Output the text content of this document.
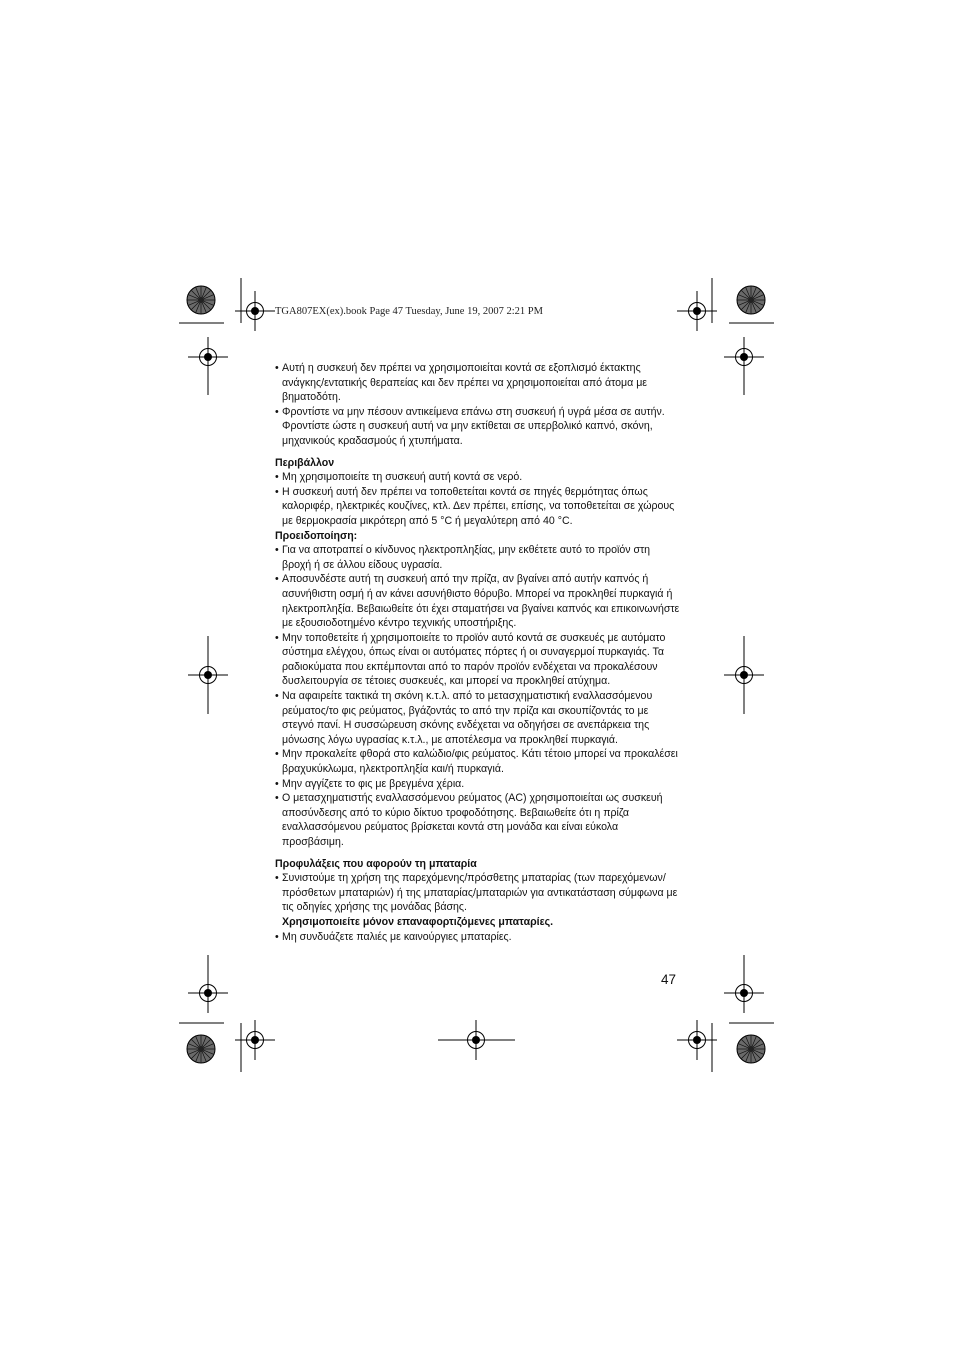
TGA807EX(ex).book Page 47 Tuesday, June 19, 2007 2:21 PM
• Αυτή η συσκευή δεν πρέπει να χρησιμοποιείται κοντά σε εξοπλισμό έκτακτης ανάγκης/εντατικής θεραπείας και δεν πρέπει να χρησιμοποιείται από άτομα με βηματοδότη.
• Φροντίστε να μην πέσουν αντικείμενα επάνω στη συσκευή ή υγρά μέσα σε αυτήν. Φροντίστε ώστε η συσκευή αυτή να μην εκτίθεται σε υπερβολικό καπνό, σκόνη, μηχανικούς κραδασμούς ή χτυπήματα.

Περιβάλλον

• Μη χρησιμοποιείτε τη συσκευή αυτή κοντά σε νερό.
• Η συσκευή αυτή δεν πρέπει να τοποθετείται κοντά σε πηγές θερμότητας όπως καλοριφέρ, ηλεκτρικές κουζίνες, κτλ. Δεν πρέπει, επίσης, να τοποθετείται σε χώρους με θερμοκρασία μικρότερη από 5 °C ή μεγαλύτερη από 40 °C.

Προειδοποίηση:

• Για να αποτραπεί ο κίνδυνος ηλεκτροπληξίας, μην εκθέτετε αυτό το προϊόν στη βροχή ή σε άλλου είδους υγρασία.
• Αποσυνδέστε αυτή τη συσκευή από την πρίζα, αν βγαίνει από αυτήν καπνός ή ασυνήθιστη οσμή ή αν κάνει ασυνήθιστο θόρυβο. Μπορεί να προκληθεί πυρκαγιά ή ηλεκτροπληξία. Βεβαιωθείτε ότι έχει σταματήσει να βγαίνει καπνός και επικοινωνήστε με εξουσιοδοτημένο κέντρο τεχνικής υποστήριξης.
• Μην τοποθετείτε ή χρησιμοποιείτε το προϊόν αυτό κοντά σε συσκευές με αυτόματο σύστημα ελέγχου, όπως είναι οι αυτόματες πόρτες ή οι συναγερμοί πυρκαγιάς. Τα ραδιοκύματα που εκπέμπονται από το παρόν προϊόν ενδέχεται να προκαλέσουν δυσλειτουργία σε τέτοιες συσκευές, και μπορεί να προκληθεί ατύχημα.
• Να αφαιρείτε τακτικά τη σκόνη κ.τ.λ. από το μετασχηματιστική εναλλασσόμενου ρεύματος/το φις ρεύματος, βγάζοντάς το από την πρίζα και σκουπίζοντάς το με στεγνό πανί. Η συσσώρευση σκόνης ενδέχεται να οδηγήσει σε ανεπάρκεια της μόνωσης λόγω υγρασίας κ.τ.λ., με αποτέλεσμα να προκληθεί πυρκαγιά.
• Μην προκαλείτε φθορά στο καλώδιο/φις ρεύματος. Κάτι τέτοιο μπορεί να προκαλέσει βραχυκύκλωμα, ηλεκτροπληξία και/ή πυρκαγιά.
• Μην αγγίζετε το φις με βρεγμένα χέρια.
• Ο μετασχηματιστής εναλλασσόμενου ρεύματος (AC) χρησιμοποιείται ως συσκευή αποσύνδεσης από το κύριο δίκτυο τροφοδότησης. Βεβαιωθείτε ότι η πρίζα εναλλασσόμενου ρεύματος βρίσκεται κοντά στη μονάδα και είναι εύκολα προσβάσιμη.

Προφυλάξεις που αφορούν τη μπαταρία

• Συνιστούμε τη χρήση της παρεχόμενης/πρόσθετης μπαταρίας (των παρεχόμενων/πρόσθετων μπαταριών) ή της μπαταρίας/μπαταριών για αντικατάσταση σύμφωνα με τις οδηγίες χρήσης της μονάδας βάσης.
Χρησιμοποιείτε μόνον επαναφορτιζόμενες μπαταρίες.
• Μη συνδυάζετε παλιές με καινούργιες μπαταρίες.
47
